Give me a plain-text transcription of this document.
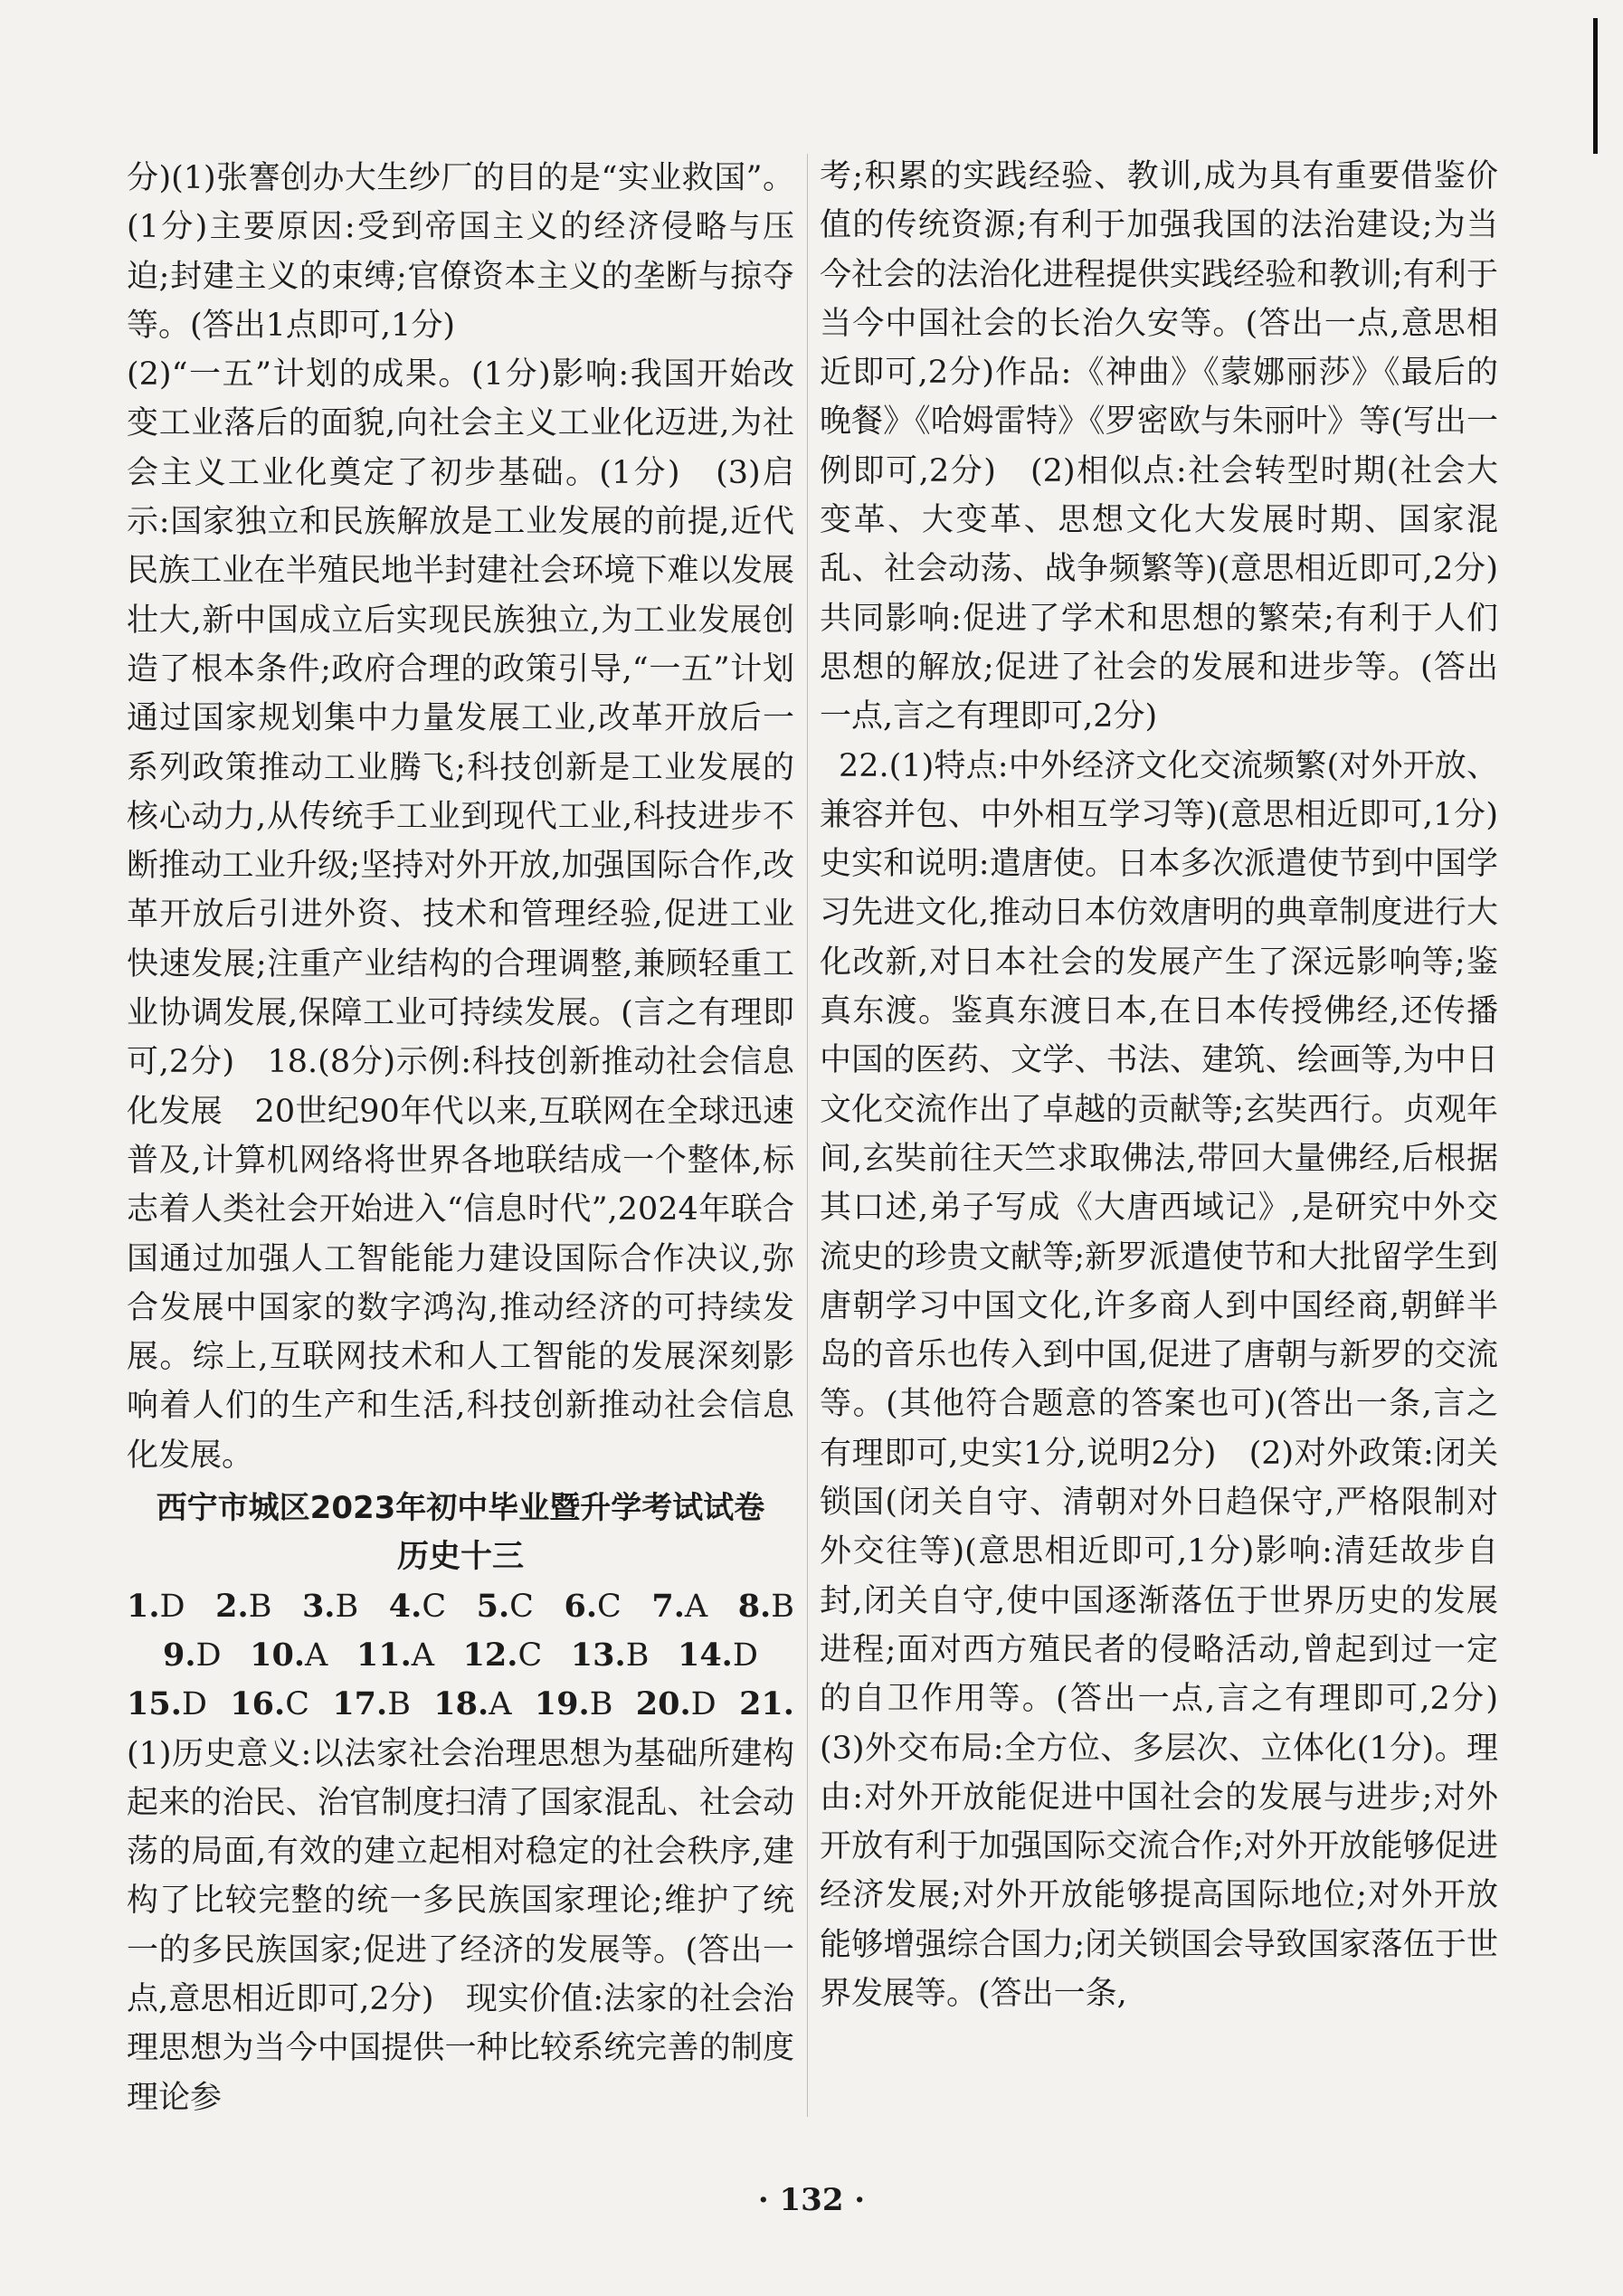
分)(1)张謇创办大生纱厂的目的是“实业救国”。(1分)主要原因:受到帝国主义的经济侵略与压迫;封建主义的束缚;官僚资本主义的垄断与掠夺等。(答出1点即可,1分)

(2)“一五”计划的成果。(1分)影响:我国开始改变工业落后的面貌,向社会主义工业化迈进,为社会主义工业化奠定了初步基础。(1分)　(3)启示:国家独立和民族解放是工业发展的前提,近代民族工业在半殖民地半封建社会环境下难以发展壮大,新中国成立后实现民族独立,为工业发展创造了根本条件;政府合理的政策引导,“一五”计划通过国家规划集中力量发展工业,改革开放后一系列政策推动工业腾飞;科技创新是工业发展的核心动力,从传统手工业到现代工业,科技进步不断推动工业升级;坚持对外开放,加强国际合作,改革开放后引进外资、技术和管理经验,促进工业快速发展;注重产业结构的合理调整,兼顾轻重工业协调发展,保障工业可持续发展。(言之有理即可,2分)　18.(8分)示例:科技创新推动社会信息化发展　20世纪90年代以来,互联网在全球迅速普及,计算机网络将世界各地联结成一个整体,标志着人类社会开始进入“信息时代”,2024年联合国通过加强人工智能能力建设国际合作决议,弥合发展中国家的数字鸿沟,推动经济的可持续发展。综上,互联网技术和人工智能的发展深刻影响着人们的生产和生活,科技创新推动社会信息化发展。

西宁市城区2023年初中毕业暨升学考试试卷
历史十三
1.D 2.B 3.B 4.C 5.C 6.C 7.A 8.B
9.D 10.A 11.A 12.C 13.B 14.D
15.D 16.C 17.B 18.A 19.B 20.D 21.

(1)历史意义:以法家社会治理思想为基础所建构起来的治民、治官制度扫清了国家混乱、社会动荡的局面,有效的建立起相对稳定的社会秩序,建构了比较完整的统一多民族国家理论;维护了统一的多民族国家;促进了经济的发展等。(答出一点,意思相近即可,2分)　现实价值:法家的社会治理思想为当今中国提供一种比较系统完善的制度理论参

考;积累的实践经验、教训,成为具有重要借鉴价值的传统资源;有利于加强我国的法治建设;为当今社会的法治化进程提供实践经验和教训;有利于当今中国社会的长治久安等。(答出一点,意思相近即可,2分)作品:《神曲》《蒙娜丽莎》《最后的晚餐》《哈姆雷特》《罗密欧与朱丽叶》等(写出一例即可,2分)　(2)相似点:社会转型时期(社会大变革、大变革、思想文化大发展时期、国家混乱、社会动荡、战争频繁等)(意思相近即可,2分)　共同影响:促进了学术和思想的繁荣;有利于人们思想的解放;促进了社会的发展和进步等。(答出一点,言之有理即可,2分)

22.(1)特点:中外经济文化交流频繁(对外开放、兼容并包、中外相互学习等)(意思相近即可,1分)史实和说明:遣唐使。日本多次派遣使节到中国学习先进文化,推动日本仿效唐明的典章制度进行大化改新,对日本社会的发展产生了深远影响等;鉴真东渡。鉴真东渡日本,在日本传授佛经,还传播中国的医药、文学、书法、建筑、绘画等,为中日文化交流作出了卓越的贡献等;玄奘西行。贞观年间,玄奘前往天竺求取佛法,带回大量佛经,后根据其口述,弟子写成《大唐西域记》,是研究中外交流史的珍贵文献等;新罗派遣使节和大批留学生到唐朝学习中国文化,许多商人到中国经商,朝鲜半岛的音乐也传入到中国,促进了唐朝与新罗的交流等。(其他符合题意的答案也可)(答出一条,言之有理即可,史实1分,说明2分)　(2)对外政策:闭关锁国(闭关自守、清朝对外日趋保守,严格限制对外交往等)(意思相近即可,1分)影响:清廷故步自封,闭关自守,使中国逐渐落伍于世界历史的发展进程;面对西方殖民者的侵略活动,曾起到过一定的自卫作用等。(答出一点,言之有理即可,2分)　(3)外交布局:全方位、多层次、立体化(1分)。理由:对外开放能促进中国社会的发展与进步;对外开放有利于加强国际交流合作;对外开放能够促进经济发展;对外开放能够提高国际地位;对外开放能够增强综合国力;闭关锁国会导致国家落伍于世界发展等。(答出一条,

· 132 ·
